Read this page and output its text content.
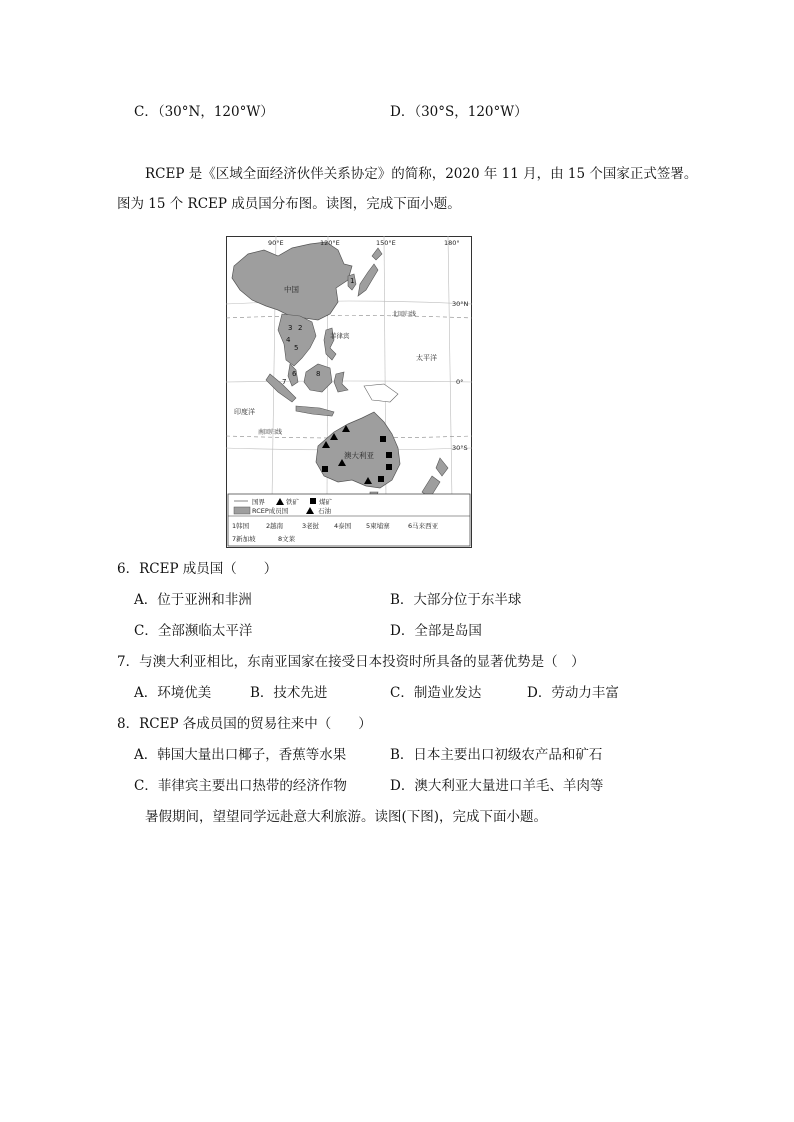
C．（30°N，120°W）	D．（30°S，120°W）
RCEP 是《区域全面经济伙伴关系协定》的简称，2020 年 11 月，由 15 个国家正式签署。
图为 15 个 RCEP 成员国分布图。读图，完成下面小题。
1
2
3
4
5
6
7
8
90°E	120°E	150°E	180°
30°N
0°
30°S
北回归线
南回归线
中国
菲律宾
太平洋
印度洋
澳大利亚
国界	铁矿	煤矿
RCEP成员国	石油
1韩国	2越南	3老挝 4泰国 5柬埔寨	6马来西亚
7新加坡	8文莱
6．RCEP 成员国（　　）
A．位于亚洲和非洲	B．大部分位于东半球
C．全部濒临太平洋	D．全部是岛国
7．与澳大利亚相比，东南亚国家在接受日本投资时所具备的显著优势是（　）
A．环境优美	B．技术先进	C．制造业发达	D．劳动力丰富
8．RCEP 各成员国的贸易往来中（　　）
A．韩国大量出口椰子，香蕉等水果	B．日本主要出口初级农产品和矿石
C．菲律宾主要出口热带的经济作物	D．澳大利亚大量进口羊毛、羊肉等
暑假期间，望望同学远赴意大利旅游。读图(下图)，完成下面小题。
